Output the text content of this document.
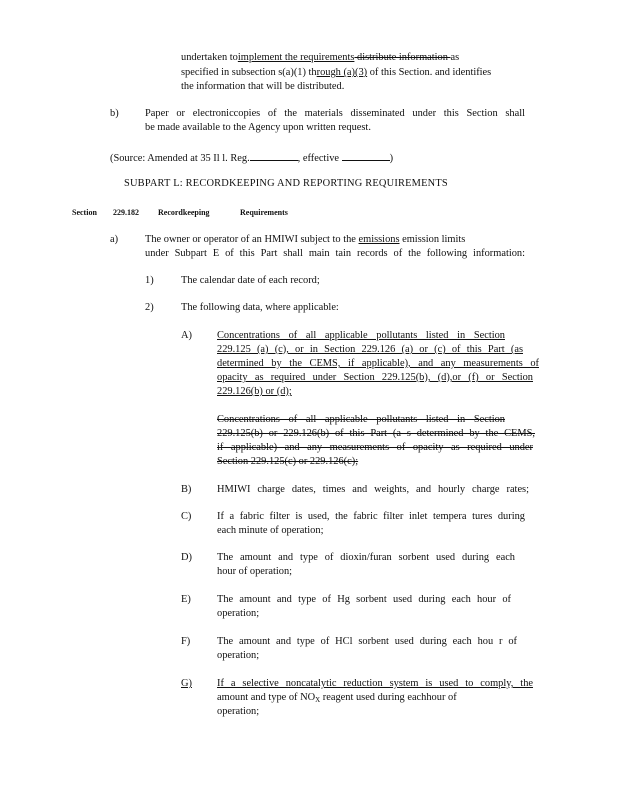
undertaken toimplement the requirements distribute information as
specified in subsection s(a)(1) through (a)(3) of this Section. and identifies
the information that will be distributed.
b)	Paper or electroniccopies of the materials disseminated under this Section shall
be made available to the Agency upon written request.
(Source: Amended at 35 Il l. Reg.	, effective	)
SUBPART L: RECORDKEEPING AND REPORTING REQUIREMENTS
Section 229.182 Recordkeeping	Requirements
a)	The owner or operator of an HMIWI subject to the emissions emission limits
under Subpart E of this Part shall main tain records of the following information:
1)	The calendar date of each record;
2)	The following data, where applicable:
A) Concentrations of all applicable pollutants listed in Section
229.125 (a) (c), or in Section 229.126 (a) or (c) of this Part (as
determined by the CEMS, if applicable), and any measurements of
opacity as required under Section 229.125(b), (d),or (f) or Section
229.126(b) or (d);
Concentrations of all applicable pollutants listed in Section
229.125(b) or 229.126(b) of this Part (a s determined by the CEMS,
if applicable) and any measurements of opacity as required under
Section 229.125(c) or 229.126(c);
B) HMIWI charge dates, times and weights, and hourly charge rates;
C) If a fabric filter is used, the fabric filter inlet tempera tures during
each minute of operation;
D) The amount and type of dioxin/furan sorbent used during each
hour of operation;
E)	The amount and type of Hg sorbent used during each hour of
operation;
F)	The amount and type of HCl sorbent used during each hou r of
operation;
G) If a selective noncatalytic reduction system is used to comply, the
amount and type of $NO_X$ reagent used during eachhour of
operation;
